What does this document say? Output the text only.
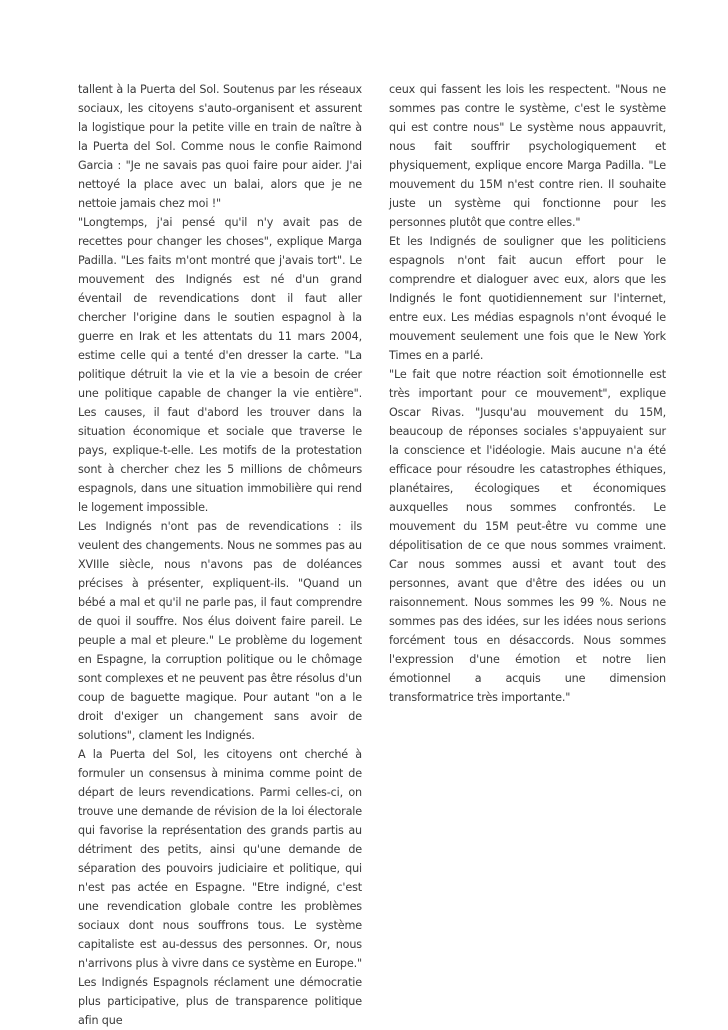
tallent à la Puerta del Sol. Soutenus par les réseaux sociaux, les citoyens s'auto-organisent et assurent la logistique pour la petite ville en train de naître à la Puerta del Sol. Comme nous le confie Raimond Garcia : "Je ne savais pas quoi faire pour aider. J'ai nettoyé la place avec un balai, alors que je ne nettoie jamais chez moi !"

"Longtemps, j'ai pensé qu'il n'y avait pas de recettes pour changer les choses", explique Marga Padilla. "Les faits m'ont montré que j'avais tort". Le mouvement des Indignés est né d'un grand éventail de revendications dont il faut aller chercher l'origine dans le soutien espagnol à la guerre en Irak et les attentats du 11 mars 2004, estime celle qui a tenté d'en dresser la carte. "La politique détruit la vie et la vie a besoin de créer une politique capable de changer la vie entière". Les causes, il faut d'abord les trouver dans la situation économique et sociale que traverse le pays, explique-t-elle. Les motifs de la protestation sont à chercher chez les 5 millions de chômeurs espagnols, dans une situation immobilière qui rend le logement impossible.

Les Indignés n'ont pas de revendications : ils veulent des changements. Nous ne sommes pas au XVIIle siècle, nous n'avons pas de doléances précises à présenter, expliquent-ils. "Quand un bébé a mal et qu'il ne parle pas, il faut comprendre de quoi il souffre. Nos élus doivent faire pareil. Le peuple a mal et pleure." Le problème du logement en Espagne, la corruption politique ou le chômage sont complexes et ne peuvent pas être résolus d'un coup de baguette magique. Pour autant "on a le droit d'exiger un changement sans avoir de solutions", clament les Indignés.

A la Puerta del Sol, les citoyens ont cherché à formuler un consensus à minima comme point de départ de leurs revendications. Parmi celles-ci, on trouve une demande de révision de la loi électorale qui favorise la représentation des grands partis au détriment des petits, ainsi qu'une demande de séparation des pouvoirs judiciaire et politique, qui n'est pas actée en Espagne. "Etre indigné, c'est une revendication globale contre les problèmes sociaux dont nous souffrons tous. Le système capitaliste est au-dessus des personnes. Or, nous n'arrivons plus à vivre dans ce système en Europe." Les Indignés Espagnols réclament une démocratie plus participative, plus de transparence politique afin que

ceux qui fassent les lois les respectent. "Nous ne sommes pas contre le système, c'est le système qui est contre nous" Le système nous appauvrit, nous fait souffrir psychologiquement et physiquement, explique encore Marga Padilla. "Le mouvement du 15M n'est contre rien. Il souhaite juste un système qui fonctionne pour les personnes plutôt que contre elles."

Et les Indignés de souligner que les politiciens espagnols n'ont fait aucun effort pour le comprendre et dialoguer avec eux, alors que les Indignés le font quotidiennement sur l'internet, entre eux. Les médias espagnols n'ont évoqué le mouvement seulement une fois que le New York Times en a parlé.

"Le fait que notre réaction soit émotionnelle est très important pour ce mouvement", explique Oscar Rivas. "Jusqu'au mouvement du 15M, beaucoup de réponses sociales s'appuyaient sur la conscience et l'idéologie. Mais aucune n'a été efficace pour résoudre les catastrophes éthiques, planétaires, écologiques et économiques auxquelles nous sommes confrontés. Le mouvement du 15M peut-être vu comme une dépolitisation de ce que nous sommes vraiment. Car nous sommes aussi et avant tout des personnes, avant que d'être des idées ou un raisonnement. Nous sommes les 99 %. Nous ne sommes pas des idées, sur les idées nous serions forcément tous en désaccords. Nous sommes l'expression d'une émotion et notre lien émotionnel a acquis une dimension transformatrice très importante."
